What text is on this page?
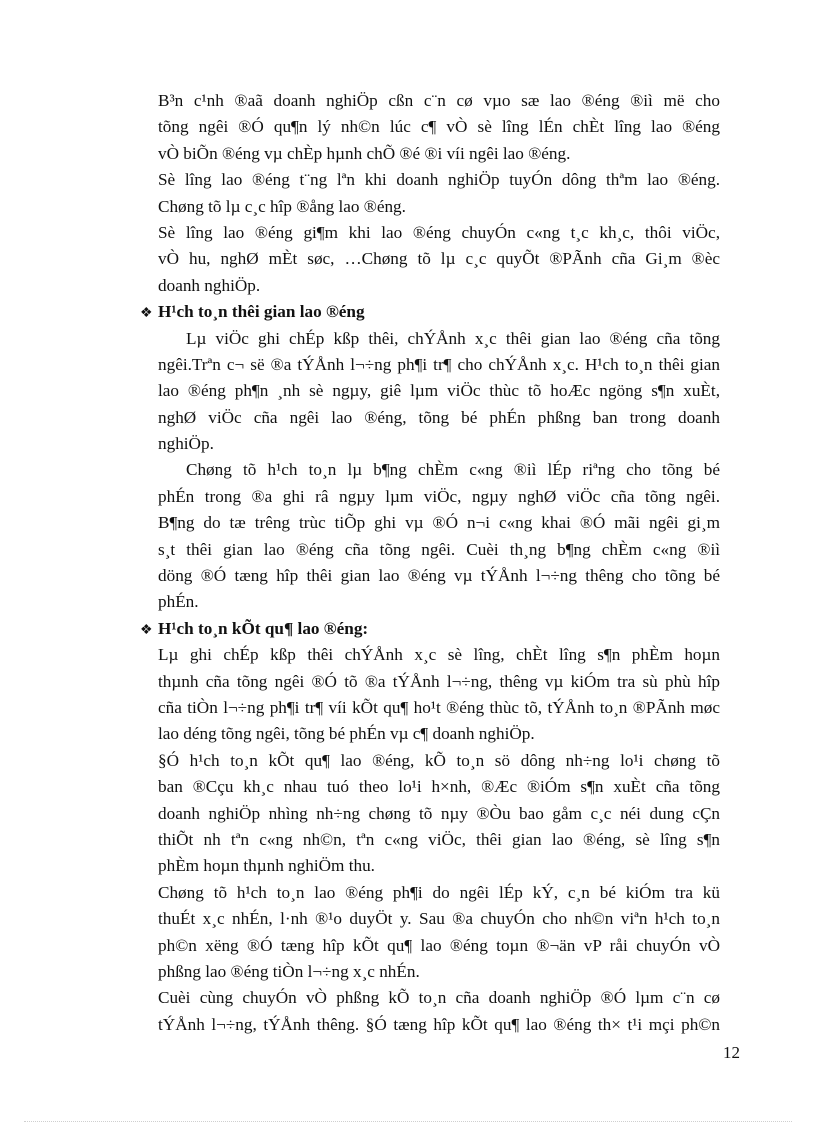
B³n c¹nh ®aã doanh nghiÖp cßn c¨n cø vµo sæ lao ®éng ®iì më cho
tõng ngêi ®Ó qu¶n lý nh©n lúc c¶ vÒ sè lîng lÉn chÈt lîng lao ®éng
vÒ biÕn ®éng vµ chÈp hµnh chÕ ®é ®i víi ngêi lao ®éng.
Sè lîng lao ®éng t¨ng lªn khi doanh nghiÖp tuyÓn dông thªm lao ®éng.
Chøng tõ lµ c¸c hîp ®ång lao ®éng.
Sè lîng lao ®éng gi¶m khi lao ®éng chuyÓn c«ng t¸c kh¸c, thôi viÖc,
vÒ hu, nghØ mÈt søc, …Chøng tõ lµ c¸c quyÕt ®PÃnh cña Gi¸m ®èc
doanh nghiÖp.
❖ H¹ch to¸n thêi gian lao ®éng
Lµ viÖc ghi chÉp kßp thêi, chÝÅnh x¸c thêi gian lao ®éng cña tõng
ngêi.Trªn c¬ së ®a tÝÅnh l¬÷ng ph¶i tr¶ cho chÝÅnh x¸c. H¹ch to¸n thêi gian
lao ®éng ph¶n ¸nh sè ngµy, giê lµm viÖc thùc tõ hoÆc ngöng s¶n xuÈt,
nghØ viÖc cña ngêi lao ®éng, tõng bé phÉn phßng ban trong doanh
nghiÖp.
Chøng tõ h¹ch to¸n lµ b¶ng chÈm c«ng ®iì lÉp riªng cho tõng bé
phÉn trong ®a ghi râ ngµy lµm viÖc, ngµy nghØ viÖc cña tõng ngêi.
B¶ng do tæ trêng trùc tiÕp ghi vµ ®Ó n¬i c«ng khai ®Ó mãi ngêi gi¸m
s¸t thêi gian lao ®éng cña tõng ngêi. Cuèi th¸ng b¶ng chÈm c«ng ®iì
döng ®Ó tæng hîp thêi gian lao ®éng vµ tÝÅnh l¬÷ng thêng cho tõng bé
phÉn.
❖ H¹ch to¸n kÕt qu¶ lao ®éng:
Lµ ghi chÉp kßp thêi chÝÅnh x¸c sè lîng, chÈt lîng s¶n phÈm hoµn
thµnh cña tõng ngêi ®Ó tõ ®a tÝÅnh l¬÷ng, thêng vµ kiÓm tra sù phù hîp
cña tiÒn l¬÷ng ph¶i tr¶ víi kÕt qu¶ ho¹t ®éng thùc tõ, tÝÅnh to¸n ®PÃnh møc
lao déng tõng ngêi, tõng bé phÉn vµ c¶ doanh nghiÖp.
§Ó h¹ch to¸n kÕt qu¶ lao ®éng, kÕ to¸n sö dông nh÷ng lo¹i chøng tõ
ban ®Cçu kh¸c nhau tuó theo lo¹i h×nh, ®Æc ®iÓm s¶n xuÈt cña tõng
doanh nghiÖp nhìng nh÷ng chøng tõ nµy ®Òu bao gåm c¸c néi dung cÇn
thiÕt nh tªn c«ng nh©n, tªn c«ng viÖc, thêi gian lao ®éng, sè lîng s¶n
phÈm hoµn thµnh nghiÖm thu.
Chøng tõ h¹ch to¸n lao ®éng ph¶i do ngêi lÉp kÝ, c¸n bé kiÓm tra kü
thuÉt x¸c nhÉn, l·nh ®¹o duyÖt y. Sau ®a chuyÓn cho nh©n viªn h¹ch to¸n
ph©n xëng ®Ó tæng hîp kÕt qu¶ lao ®éng toµn ®¬än vP råi chuyÓn vÒ
phßng lao ®éng tiÒn l¬÷ng x¸c nhÉn.
Cuèi cùng chuyÓn vÒ phßng kÕ to¸n cña doanh nghiÖp ®Ó lµm c¨n cø
tÝÅnh l¬÷ng, tÝÅnh thêng. §Ó tæng hîp kÕt qu¶ lao ®éng th× t¹i mçi ph©n
12
